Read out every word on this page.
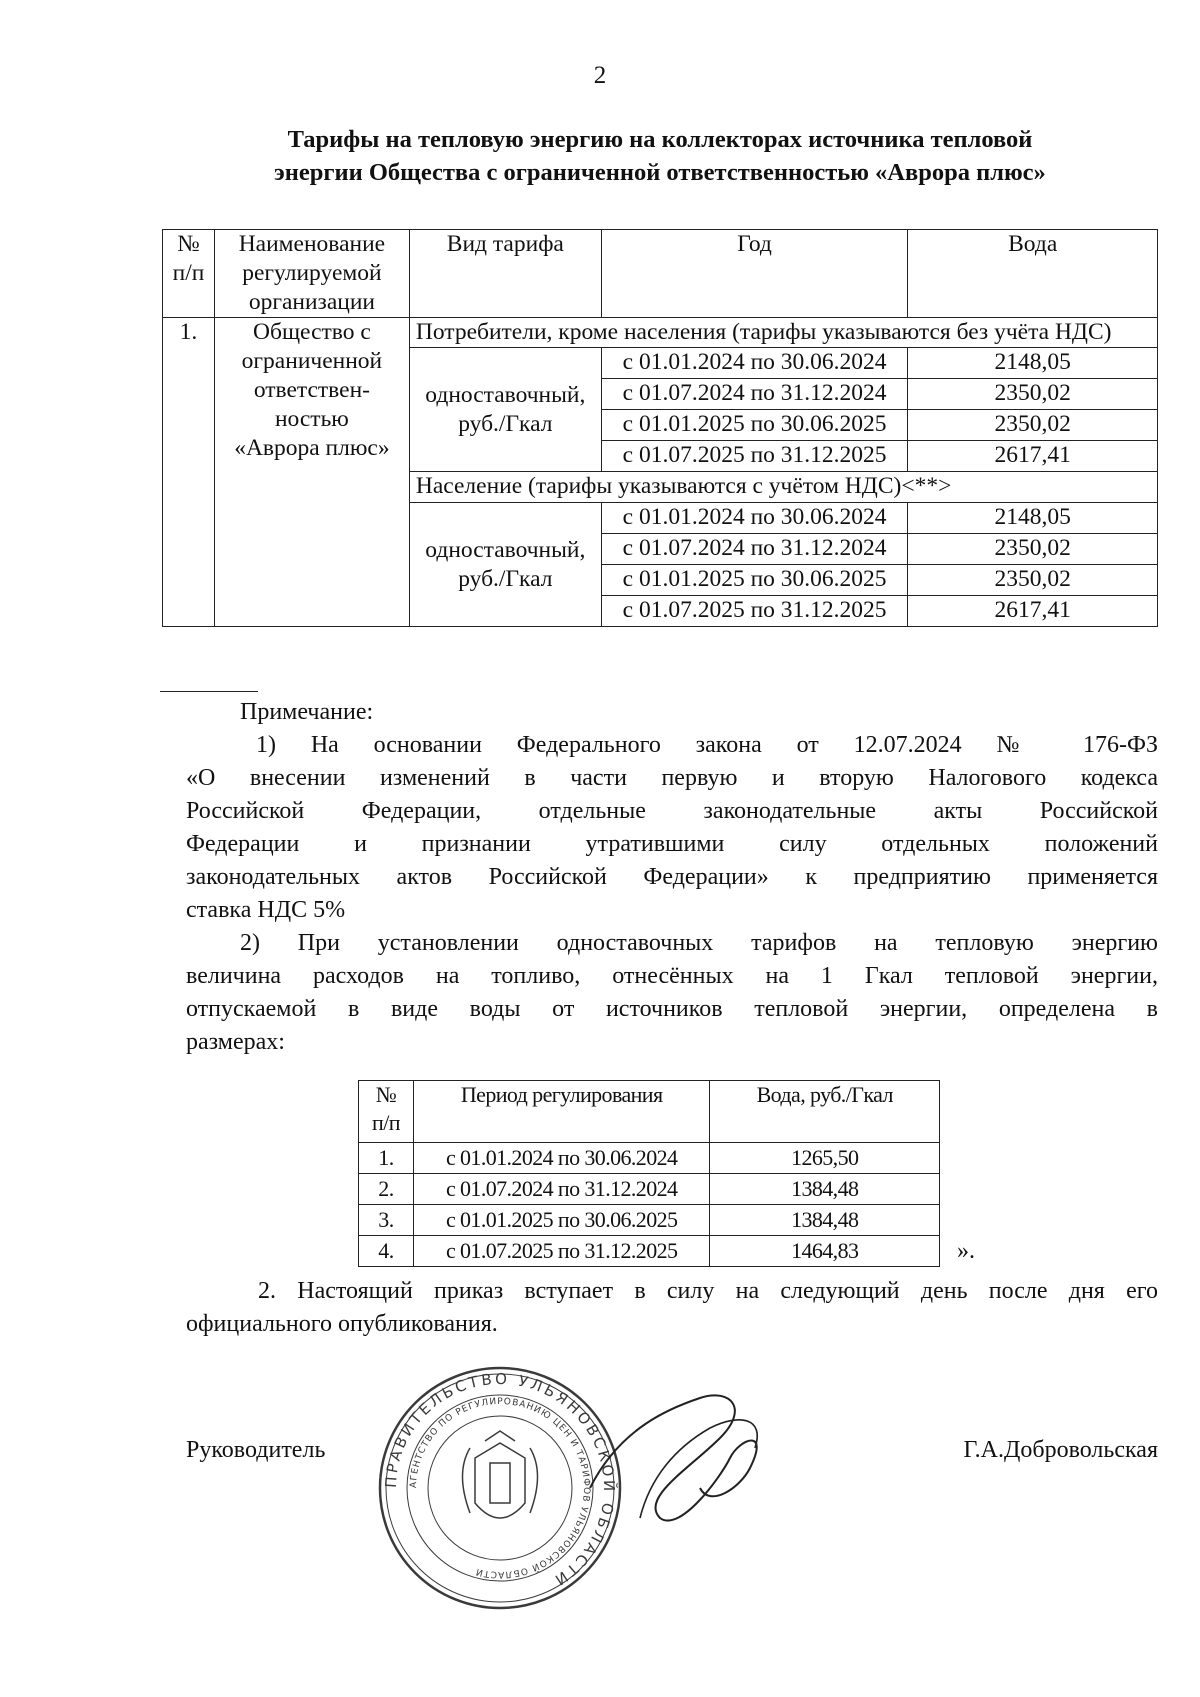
2
Тарифы на тепловую энергию на коллекторах источника тепловой
энергии Общества с ограниченной ответственностью «Аврора плюс»
№
п/п	Наименование регулируемой организации	Вид тарифа	Год	Вода
1.	Общество с
ограниченной
ответствен-
ностью
«Аврора плюс»	Потребители, кроме населения (тарифы указываются без учёта НДС)		

		одноставочный,
руб./Гкал	с 01.01.2024 по 30.06.2024	2148,05
			с 01.07.2024 по 31.12.2024	2350,02
			с 01.01.2025 по 30.06.2025	2350,02
			с 01.07.2025 по 31.12.2025	2617,41
		Население (тарифы указываются с учётом НДС)<**>		

		одноставочный,
руб./Гкал	с 01.01.2024 по 30.06.2024	2148,05
			с 01.07.2024 по 31.12.2024	2350,02
			с 01.01.2025 по 30.06.2025	2350,02
			с 01.07.2025 по 31.12.2025	2617,41
Примечание:
1) На основании Федерального закона от 12.07.2024 № 176-ФЗ
«О внесении изменений в части первую и вторую Налогового кодекса
Российской Федерации, отдельные законодательные акты Российской
Федерации и признании утратившими силу отдельных положений
законодательных актов Российской Федерации» к предприятию применяется
ставка НДС 5%
2) При установлении одноставочных тарифов на тепловую энергию
величина расходов на топливо, отнесённых на 1 Гкал тепловой энергии,
отпускаемой в виде воды от источников тепловой энергии, определена в
размерах:
№
п/п	Период регулирования	Вода, руб./Гкал
1.	с 01.01.2024 по 30.06.2024	1265,50
2.	с 01.07.2024 по 31.12.2024	1384,48
3.	с 01.01.2025 по 30.06.2025	1384,48
4.	с 01.07.2025 по 31.12.2025	1464,83	».
2. Настоящий приказ вступает в силу на следующий день после дня его
официального опубликования.
Руководитель	Г.А.Добровольская
ПРАВИТЕЛЬСТВО УЛЬЯНОВСКОЙ ОБЛАСТИ
АГЕНТСТВО ПО РЕГУЛИРОВАНИЮ ЦЕН И ТАРИФОВ УЛЬЯНОВСКОЙ ОБЛАСТИ
